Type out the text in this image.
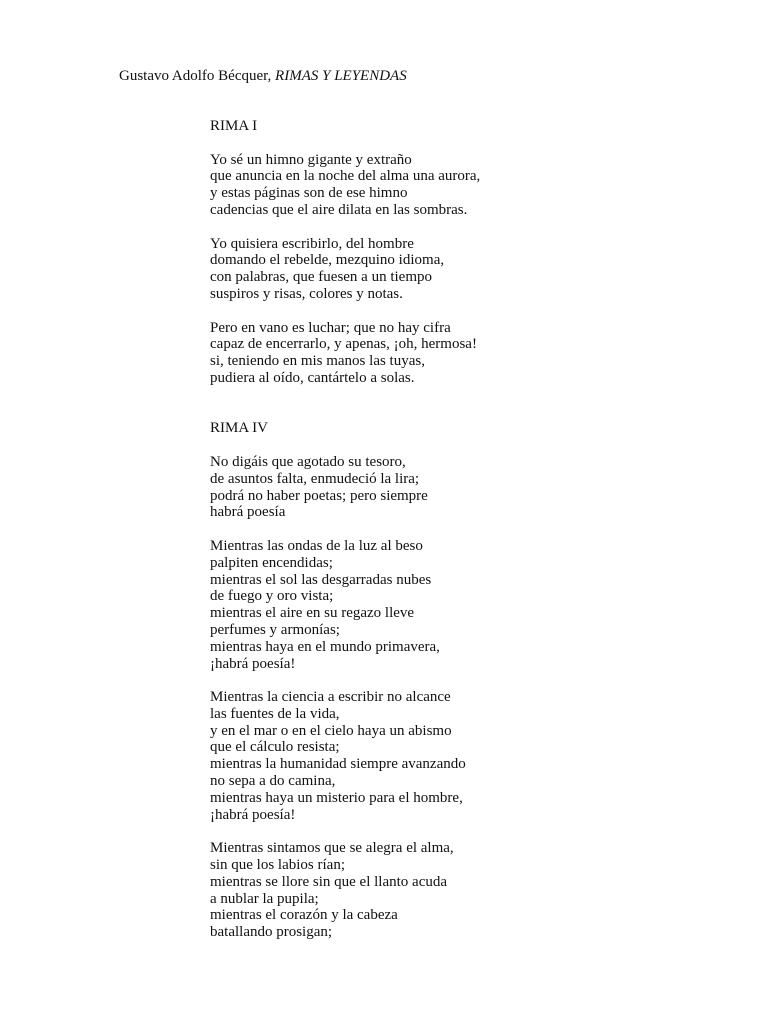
Gustavo Adolfo Bécquer, RIMAS Y LEYENDAS
RIMA I
Yo sé un himno gigante y extraño
que anuncia en la noche del alma una aurora,
y estas páginas son de ese himno
cadencias que el aire dilata en las sombras.
Yo quisiera escribirlo, del hombre
domando el rebelde, mezquino idioma,
con palabras, que fuesen a un tiempo
suspiros y risas, colores y notas.
Pero en vano es luchar; que no hay cifra
capaz de encerrarlo, y apenas, ¡oh, hermosa!
si, teniendo en mis manos las tuyas,
pudiera al oído, cantártelo a solas.
RIMA IV
No digáis que agotado su tesoro,
de asuntos falta, enmudeció la lira;
podrá no haber poetas; pero siempre
habrá poesía
Mientras las ondas de la luz al beso
palpiten encendidas;
mientras el sol las desgarradas nubes
de fuego y oro vista;
mientras el aire en su regazo lleve
perfumes y armonías;
mientras haya en el mundo primavera,
¡habrá poesía!
Mientras la ciencia a escribir no alcance
las fuentes de la vida,
y en el mar o en el cielo haya un abismo
que el cálculo resista;
mientras la humanidad siempre avanzando
no sepa a do camina,
mientras haya un misterio para el hombre,
¡habrá poesía!
Mientras sintamos que se alegra el alma,
sin que los labios rían;
mientras se llore sin que el llanto acuda
a nublar la pupila;
mientras el corazón y la cabeza
batallando prosigan;
